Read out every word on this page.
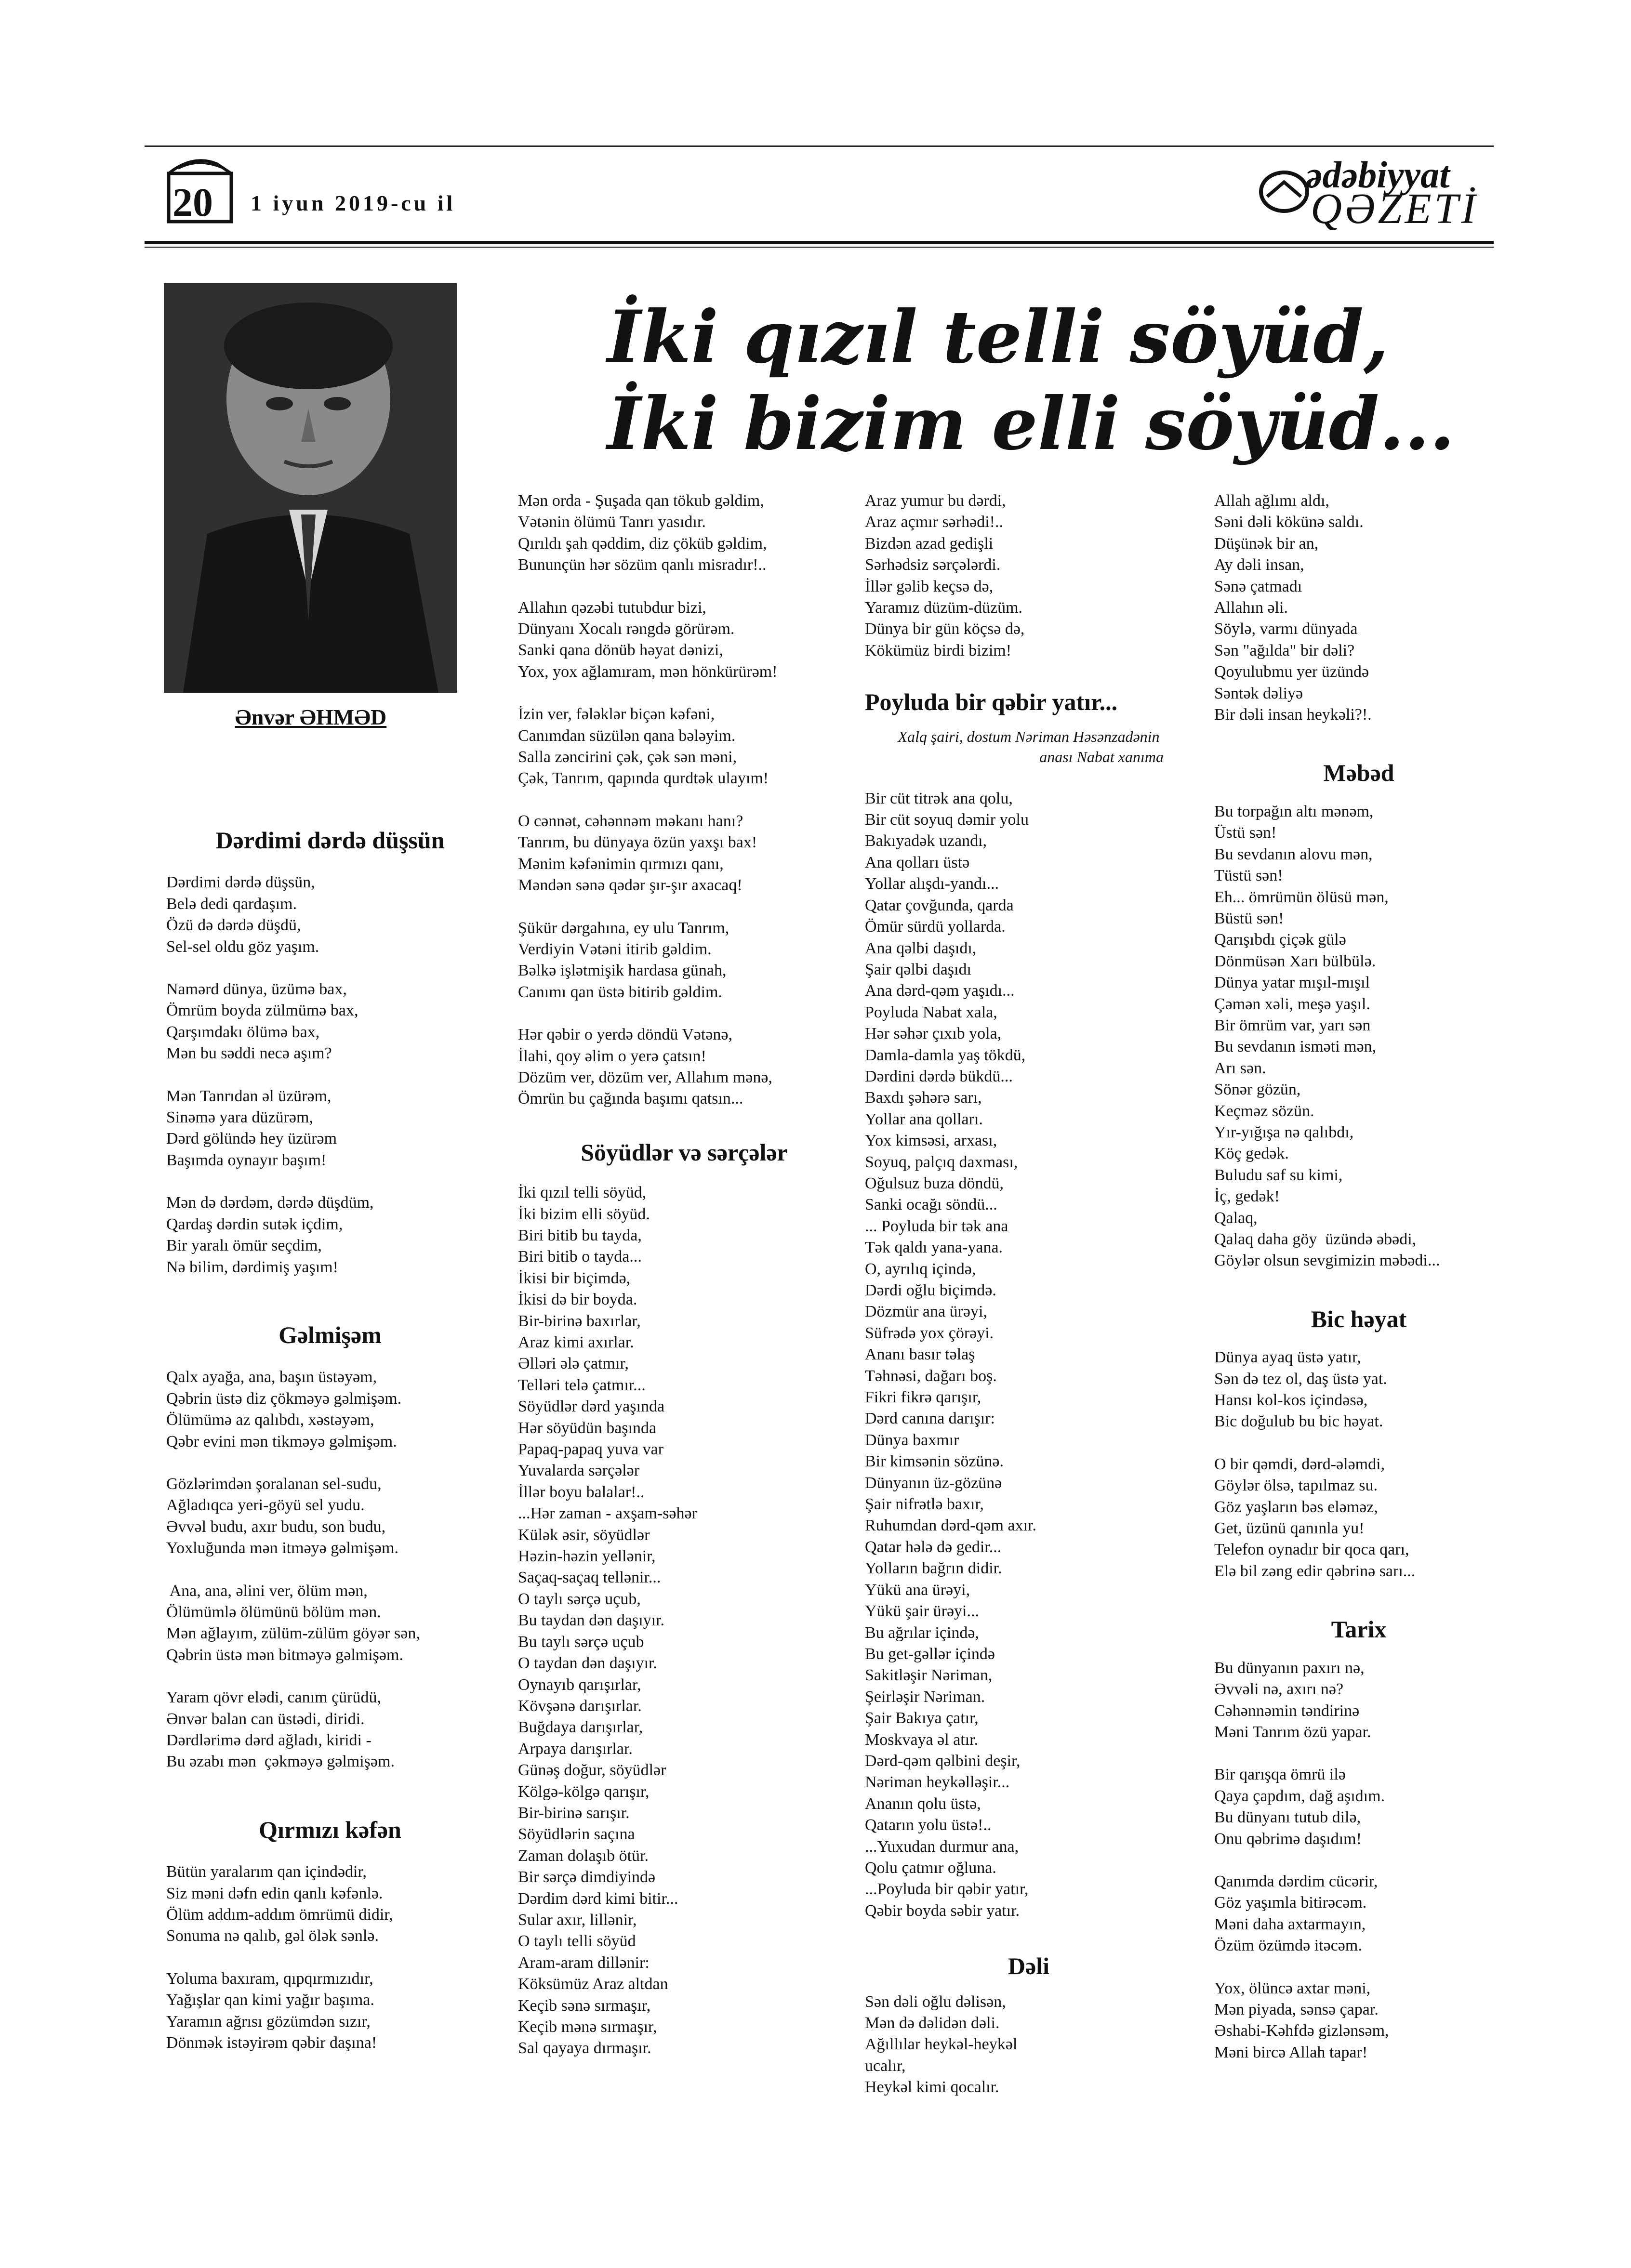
20 1 iyun 2019-cu il
ədəbiyyat
QƏZETİ
Ənvər ƏHMƏD
İki qızıl telli söyüd,
İki bizim elli söyüd...
Dərdimi dərdə düşsün
Dərdimi dərdə düşsün,
Belə dedi qardaşım.
Özü də dərdə düşdü,
Sel-sel oldu göz yaşım.
Namərd dünya, üzümə bax,
Ömrüm boyda zülmümə bax,
Qarşımdakı ölümə bax,
Mən bu səddi necə aşım?
Mən Tanrıdan əl üzürəm,
Sinəmə yara düzürəm,
Dərd gölündə hey üzürəm
Başımda oynayır başım!
Mən də dərdəm, dərdə düşdüm,
Qardaş dərdin sutək içdim,
Bir yaralı ömür seçdim,
Nə bilim, dərdimiş yaşım!
Gəlmişəm
Qalx ayağa, ana, başın üstəyəm,
Qəbrin üstə diz çökməyə gəlmişəm.
Ölümümə az qalıbdı, xəstəyəm,
Qəbr evini mən tikməyə gəlmişəm.
Gözlərimdən şoralanan sel-sudu,
Ağladıqca yeri-göyü sel yudu.
Əvvəl budu, axır budu, son budu,
Yoxluğunda mən itməyə gəlmişəm.
Ana, ana, əlini ver, ölüm mən,
Ölümümlə ölümünü bölüm mən.
Mən ağlayım, zülüm-zülüm göyər sən,
Qəbrin üstə mən bitməyə gəlmişəm.
Yaram qövr elədi, canım çürüdü,
Ənvər balan can üstədi, diridi.
Dərdlərimə dərd ağladı, kiridi -
Bu əzabı mən  çəkməyə gəlmişəm.
Qırmızı kəfən
Bütün yaralarım qan içindədir,
Siz məni dəfn edin qanlı kəfənlə.
Ölüm addım-addım ömrümü didir,
Sonuma nə qalıb, gəl ölək sənlə.
Yoluma baxıram, qıpqırmızıdır,
Yağışlar qan kimi yağır başıma.
Yaramın ağrısı gözümdən sızır,
Dönmək istəyirəm qəbir daşına!
Mən orda - Şuşada qan tökub gəldim,
Vətənin ölümü Tanrı yasıdır.
Qırıldı şah qəddim, diz çöküb gəldim,
Bununçün hər sözüm qanlı misradır!..
Allahın qəzəbi tutubdur bizi,
Dünyanı Xocalı rəngdə görürəm.
Sanki qana dönüb həyat dənizi,
Yox, yox ağlamıram, mən hönkürürəm!
İzin ver, fələklər biçən kəfəni,
Canımdan süzülən qana bələyim.
Salla zəncirini çək, çək sən məni,
Çək, Tanrım, qapında qurdtək ulayım!
O cənnət, cəhənnəm məkanı hanı?
Tanrım, bu dünyaya özün yaxşı bax!
Mənim kəfənimin qırmızı qanı,
Məndən sənə qədər şır-şır axacaq!
Şükür dərgahına, ey ulu Tanrım,
Verdiyin Vətəni itirib gəldim.
Bəlkə işlətmişik hardasa günah,
Canımı qan üstə bitirib gəldim.
Hər qəbir o yerdə döndü Vətənə,
İlahi, qoy əlim o yerə çatsın!
Dözüm ver, dözüm ver, Allahım mənə,
Ömrün bu çağında başımı qatsın...
Söyüdlər və sərçələr
İki qızıl telli söyüd,
İki bizim elli söyüd.
Biri bitib bu tayda,
Biri bitib o tayda...
İkisi bir biçimdə,
İkisi də bir boyda.
Bir-birinə baxırlar,
Araz kimi axırlar.
Əlləri ələ çatmır,
Telləri telə çatmır...
Söyüdlər dərd yaşında
Hər söyüdün başında
Papaq-papaq yuva var
Yuvalarda sərçələr
İllər boyu balalar!..
...Hər zaman - axşam-səhər
Külək əsir, söyüdlər
Həzin-həzin yellənir,
Saçaq-saçaq tellənir...
O taylı sərçə uçub,
Bu taydan dən daşıyır.
Bu taylı sərçə uçub
O taydan dən daşıyır.
Oynayıb qarışırlar,
Kövşənə darışırlar.
Buğdaya darışırlar,
Arpaya darışırlar.
Günəş doğur, söyüdlər
Kölgə-kölgə qarışır,
Bir-birinə sarışır.
Söyüdlərin saçına
Zaman dolaşıb ötür.
Bir sərçə dimdiyində
Dərdim dərd kimi bitir...
Sular axır, lillənir,
O taylı telli söyüd
Aram-aram dillənir:
Köksümüz Araz altdan
Keçib sənə sırmaşır,
Keçib mənə sırmaşır,
Sal qayaya dırmaşır.
Araz yumur bu dərdi,
Araz açmır sərhədi!..
Bizdən azad gedişli
Sərhədsiz sərçələrdi.
İllər gəlib keçsə də,
Yaramız düzüm-düzüm.
Dünya bir gün köçsə də,
Kökümüz birdi bizim!
Poyluda bir qəbir yatır...
Xalq şairi, dostum Nəriman Həsənzadənin
anası Nabat xanıma
Bir cüt titrək ana qolu,
Bir cüt soyuq dəmir yolu
Bakıyadək uzandı,
Ana qolları üstə
Yollar alışdı-yandı...
Qatar çovğunda, qarda
Ömür sürdü yollarda.
Ana qəlbi daşıdı,
Şair qəlbi daşıdı
Ana dərd-qəm yaşıdı...
Poyluda Nabat xala,
Hər səhər çıxıb yola,
Damla-damla yaş tökdü,
Dərdini dərdə bükdü...
Baxdı şəhərə sarı,
Yollar ana qolları.
Yox kimsəsi, arxası,
Soyuq, palçıq daxması,
Oğulsuz buza döndü,
Sanki ocağı söndü...
... Poyluda bir tək ana
Tək qaldı yana-yana.
O, ayrılıq içində,
Dərdi oğlu biçimdə.
Dözmür ana ürəyi,
Süfrədə yox çörəyi.
Ananı basır təlaş
Təhnəsi, dağarı boş.
Fikri fikrə qarışır,
Dərd canına darışır:
Dünya baxmır
Bir kimsənin sözünə.
Dünyanın üz-gözünə
Şair nifrətlə baxır,
Ruhumdan dərd-qəm axır.
Qatar hələ də gedir...
Yolların bağrın didir.
Yükü ana ürəyi,
Yükü şair ürəyi...
Bu ağrılar içində,
Bu get-gəllər içində
Sakitləşir Nəriman,
Şeirləşir Nəriman.
Şair Bakıya çatır,
Moskvaya əl atır.
Dərd-qəm qəlbini deşir,
Nəriman heykəlləşir...
Ananın qolu üstə,
Qatarın yolu üstə!..
...Yuxudan durmur ana,
Qolu çatmır oğluna.
...Poyluda bir qəbir yatır,
Qəbir boyda səbir yatır.
Dəli
Sən dəli oğlu dəlisən,
Mən də dəlidən dəli.
Ağıllılar heykəl-heykəl
ucalır,
Heykəl kimi qocalır.
Allah ağlımı aldı,
Səni dəli kökünə saldı.
Düşünək bir an,
Ay dəli insan,
Sənə çatmadı
Allahın əli.
Söylə, varmı dünyada
Sən "ağılda" bir dəli?
Qoyulubmu yer üzündə
Səntək dəliyə
Bir dəli insan heykəli?!.
Məbəd
Bu torpağın altı mənəm,
Üstü sən!
Bu sevdanın alovu mən,
Tüstü sən!
Eh... ömrümün ölüsü mən,
Büstü sən!
Qarışıbdı çiçək gülə
Dönmüsən Xarı bülbülə.
Dünya yatar mışıl-mışıl
Çəmən xəli, meşə yaşıl.
Bir ömrüm var, yarı sən
Bu sevdanın isməti mən,
Arı sən.
Sönər gözün,
Keçməz sözün.
Yır-yığışa nə qalıbdı,
Köç gedək.
Buludu saf su kimi,
İç, gedək!
Qalaq,
Qalaq daha göy  üzündə əbədi,
Göylər olsun sevgimizin məbədi...
Bic həyat
Dünya ayaq üstə yatır,
Sən də tez ol, daş üstə yat.
Hansı kol-kos içindəsə,
Bic doğulub bu bic həyat.
O bir qəmdi, dərd-ələmdi,
Göylər ölsə, tapılmaz su.
Göz yaşların bəs eləməz,
Get, üzünü qanınla yu!
Telefon oynadır bir qoca qarı,
Elə bil zəng edir qəbrinə sarı...
Tarix
Bu dünyanın paxırı nə,
Əvvəli nə, axırı nə?
Cəhənnəmin təndirinə
Məni Tanrım özü yapar.
Bir qarışqa ömrü ilə
Qaya çapdım, dağ aşıdım.
Bu dünyanı tutub dilə,
Onu qəbrimə daşıdım!
Qanımda dərdim cücərir,
Göz yaşımla bitirəcəm.
Məni daha axtarmayın,
Özüm özümdə itəcəm.
Yox, ölüncə axtar məni,
Mən piyada, sənsə çapar.
Əshabi-Kəhfdə gizlənsəm,
Məni bircə Allah tapar!
